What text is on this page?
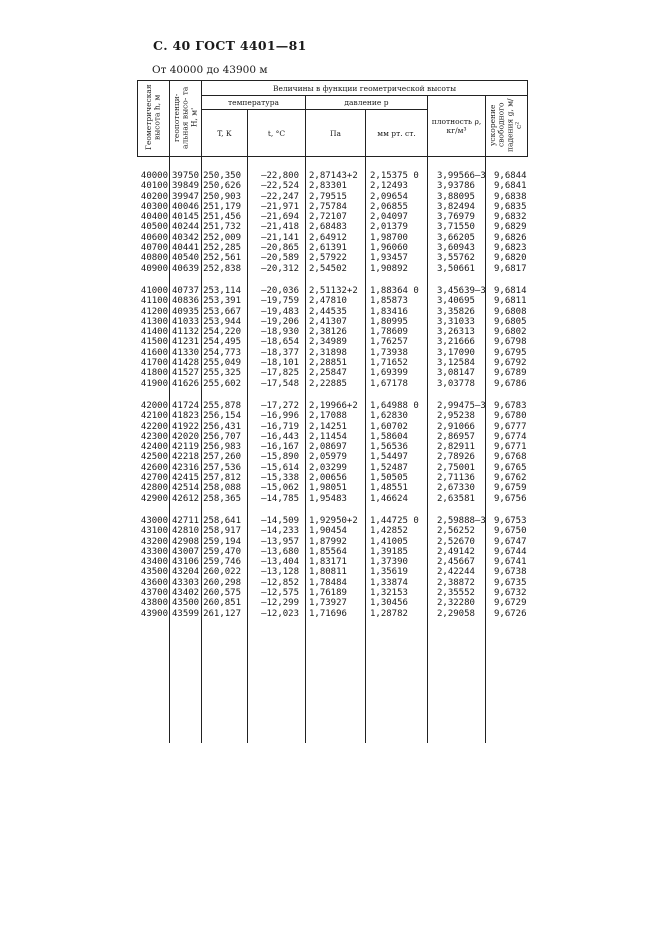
С. 40 ГОСТ 4401—81
От 40000 до 43900 м
Геометрическая высота h, м	геопотенци- альная высо- та H, м'	Величины в функции геометрической высоты					
		температура		давление p		плотность ρ, кг/м³	ускорение свободного падения g, м/с²
		T, К	t, °С	Па	мм рт. ст.		

40000	39750	250,350	—22,800	2,87143+2	2,15375 0	3,99566—3	9,6844
40100	39849	250,626	—22,524	2,83301	2,12493	3,93786	9,6841
40200	39947	250,903	—22,247	2,79515	2,09654	3,88095	9,6838
40300	40046	251,179	—21,971	2,75784	2,06855	3,82494	9,6835
40400	40145	251,456	—21,694	2,72107	2,04097	3,76979	9,6832
40500	40244	251,732	—21,418	2,68483	2,01379	3,71550	9,6829
40600	40342	252,009	—21,141	2,64912	1,98700	3,66205	9,6826
40700	40441	252,285	—20,865	2,61391	1,96060	3,60943	9,6823
40800	40540	252,561	—20,589	2,57922	1,93457	3,55762	9,6820
40900	40639	252,838	—20,312	2,54502	1,90892	3,50661	9,6817

41000	40737	253,114	—20,036	2,51132+2	1,88364 0	3,45639—3	9,6814
41100	40836	253,391	—19,759	2,47810	1,85873	3,40695	9,6811
41200	40935	253,667	—19,483	2,44535	1,83416	3,35826	9,6808
41300	41033	253,944	—19,206	2,41307	1,80995	3,31033	9,6805
41400	41132	254,220	—18,930	2,38126	1,78609	3,26313	9,6802
41500	41231	254,495	—18,654	2,34989	1,76257	3,21666	9,6798
41600	41330	254,773	—18,377	2,31898	1,73938	3,17090	9,6795
41700	41428	255,049	—18,101	2,28851	1,71652	3,12584	9,6792
41800	41527	255,325	—17,825	2,25847	1,69399	3,08147	9,6789
41900	41626	255,602	—17,548	2,22885	1,67178	3,03778	9,6786

42000	41724	255,878	—17,272	2,19966+2	1,64988 0	2,99475—3	9,6783
42100	41823	256,154	—16,996	2,17088	1,62830	2,95238	9,6780
42200	41922	256,431	—16,719	2,14251	1,60702	2,91066	9,6777
42300	42020	256,707	—16,443	2,11454	1,58604	2,86957	9,6774
42400	42119	256,983	—16,167	2,08697	1,56536	2,82911	9,6771
42500	42218	257,260	—15,890	2,05979	1,54497	2,78926	9,6768
42600	42316	257,536	—15,614	2,03299	1,52487	2,75001	9,6765
42700	42415	257,812	—15,338	2,00656	1,50505	2,71136	9,6762
42800	42514	258,088	—15,062	1,98051	1,48551	2,67330	9,6759
42900	42612	258,365	—14,785	1,95483	1,46624	2,63581	9,6756

43000	42711	258,641	—14,509	1,92950+2	1,44725 0	2,59888—3	9,6753
43100	42810	258,917	—14,233	1,90454	1,42852	2,56252	9,6750
43200	42908	259,194	—13,957	1,87992	1,41005	2,52670	9,6747
43300	43007	259,470	—13,680	1,85564	1,39185	2,49142	9,6744
43400	43106	259,746	—13,404	1,83171	1,37390	2,45667	9,6741
43500	43204	260,022	—13,128	1,80811	1,35619	2,42244	9,6738
43600	43303	260,298	—12,852	1,78484	1,33874	2,38872	9,6735
43700	43402	260,575	—12,575	1,76189	1,32153	2,35552	9,6732
43800	43500	260,851	—12,299	1,73927	1,30456	2,32280	9,6729
43900	43599	261,127	—12,023	1,71696	1,28782	2,29058	9,6726
